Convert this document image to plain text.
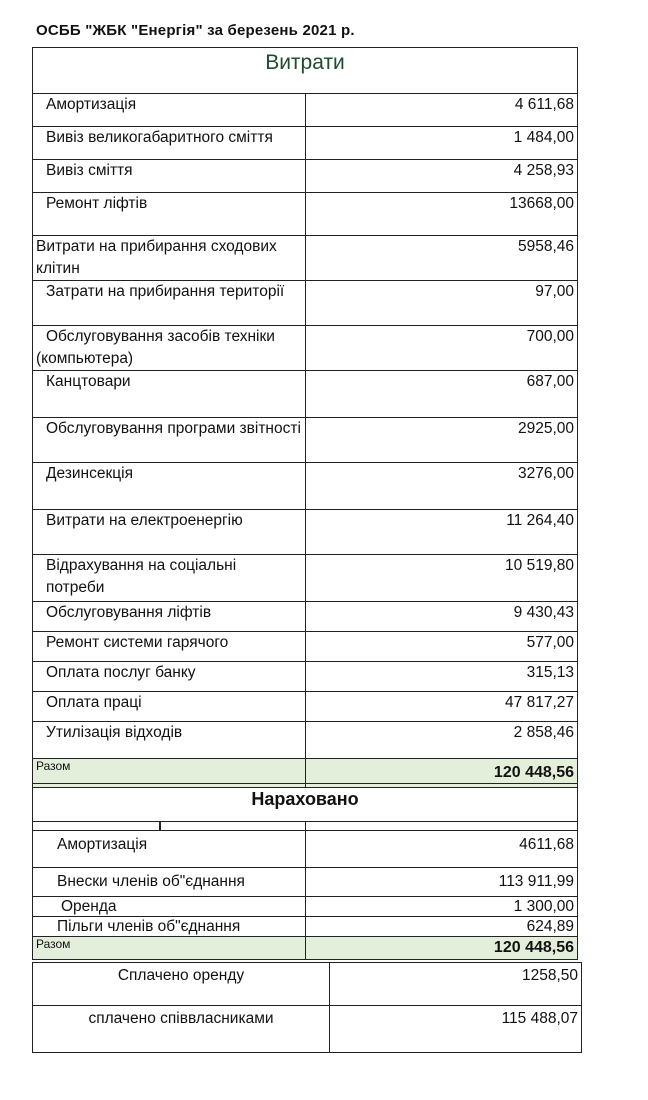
ОСББ "ЖБК "Енергія" за березень 2021 р.
Витрати	
Амортизація	4 611,68
Вивіз великогабаритного сміття	1 484,00
Вивіз сміття	4 258,93
Ремонт ліфтів	13668,00
Витрати на прибирання сходових клітин	5958,46
Затрати на прибирання території	97,00
Обслуговування засобів техніки (компьютера)	700,00
Канцтовари	687,00
Обслуговування програми звітності	2925,00
Дезинсекція	3276,00
Витрати на електроенергію	11 264,40
Відрахування на соціальні потреби	10 519,80
Обслуговування ліфтів	9 430,43
Ремонт системи гарячого	577,00
Оплата послуг банку	315,13
Оплата праці	47 817,27
Утилізація відходів	2 858,46
Разом	120 448,56
Нараховано	

Амортизація	4611,68
Внески членів об"єднання	113 911,99
Оренда	1 300,00
Пільги членів об"єднання	624,89
Разом	120 448,56
Сплачено оренду	1258,50
сплачено співвласниками	115 488,07
